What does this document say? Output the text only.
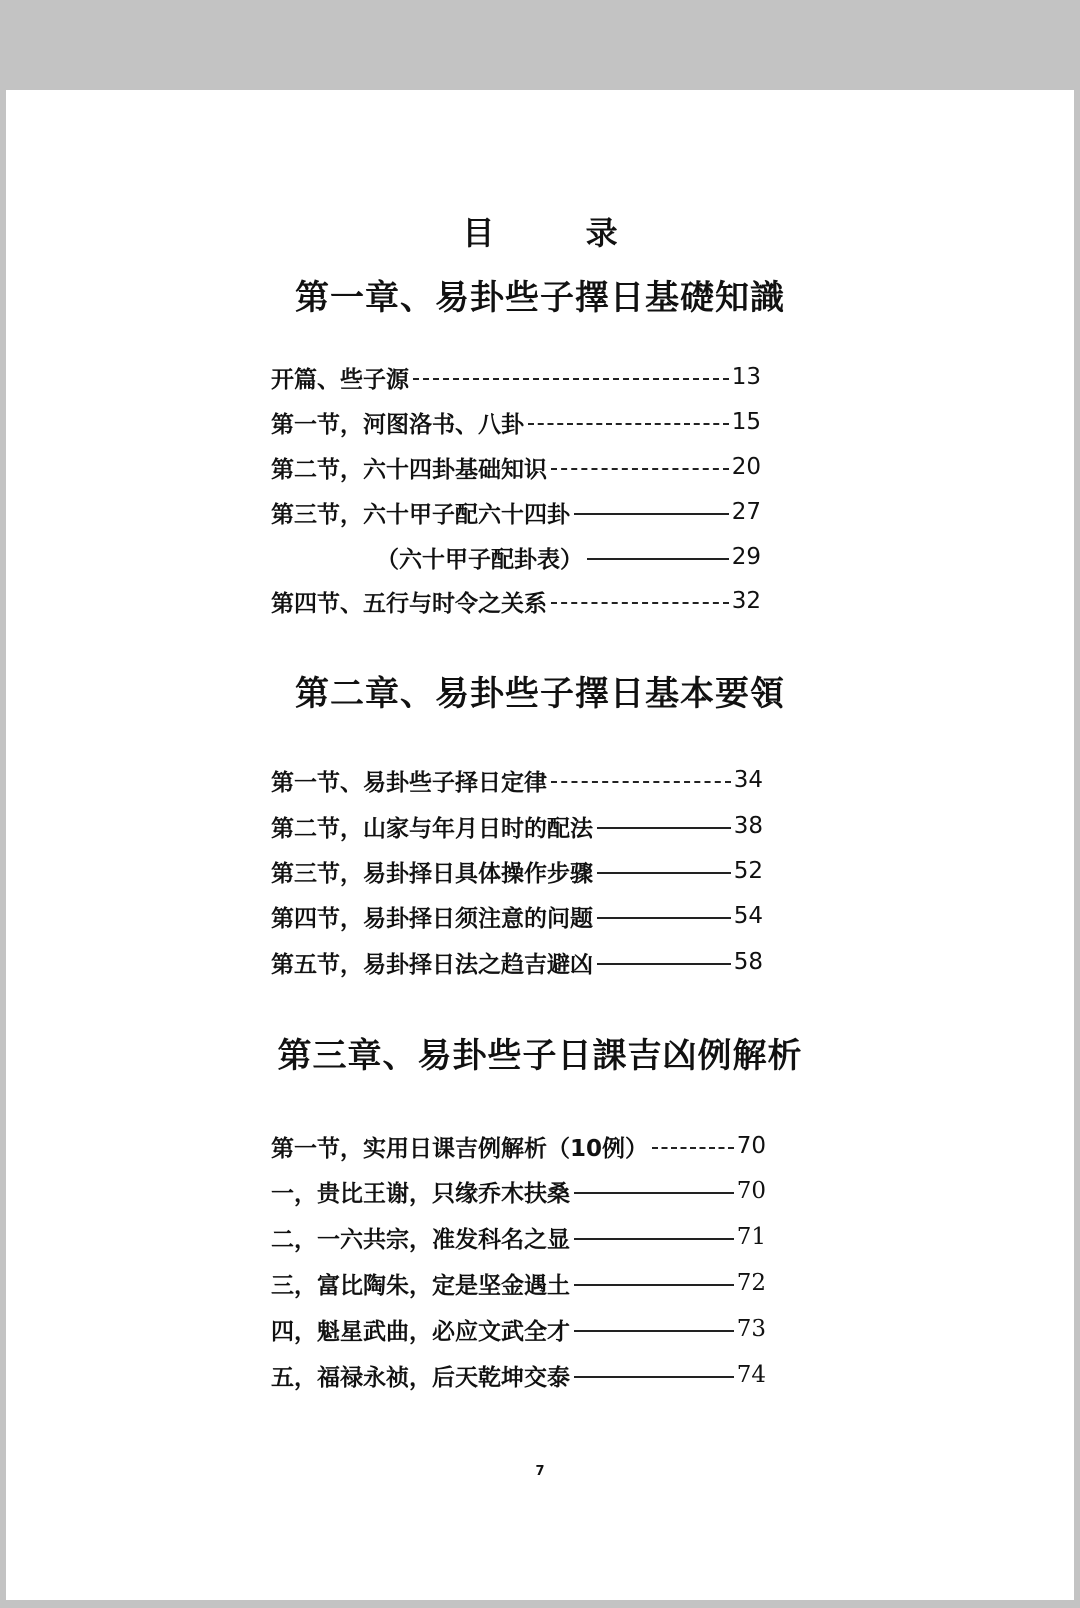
目 录
第一章、易卦些子擇日基礎知識
开篇、些子源	13
第一节，河图洛书、八卦	15
第二节，六十四卦基础知识	20
第三节，六十甲子配六十四卦	27
（六十甲子配卦表）	29
第四节、五行与时令之关系	32
第二章、易卦些子擇日基本要領
第一节、易卦些子择日定律	34
第二节，山家与年月日时的配法	38
第三节，易卦择日具体操作步骤	52
第四节，易卦择日须注意的问题	54
第五节，易卦择日法之趋吉避凶	58
第三章、易卦些子日課吉凶例解析
第一节，实用日课吉例解析（10例）	70
一，贵比王谢，只缘乔木扶桑	70
二，一六共宗，准发科名之显	71
三，富比陶朱，定是坚金遇土	72
四，魁星武曲，必应文武全才	73
五，福禄永祯，后天乾坤交泰	74
7
